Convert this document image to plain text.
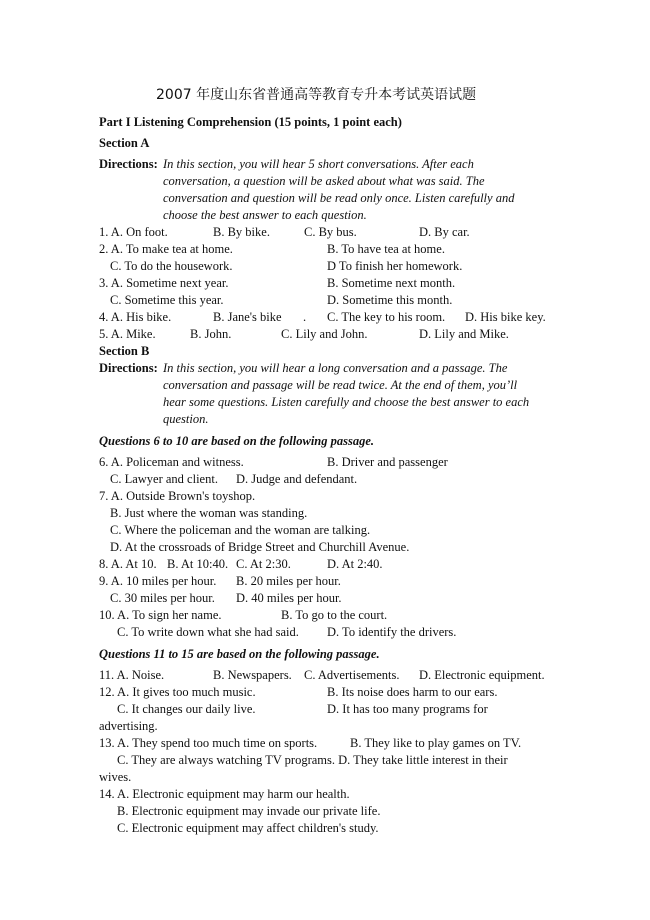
2007 年度山东省普通高等教育专升本考试英语试题
Part I Listening Comprehension (15 points, 1 point each)
Section A
Directions: In this section, you will hear 5 short conversations. After each
conversation, a question will be asked about what was said. The
conversation and question will be read only once. Listen carefully and
choose the best answer to each question.
1. A. On foot.	B. By bike.	C. By bus.	D. By car.
2. A. To make tea at home.	B. To have tea at home.
C. To do the housework.	D To finish her homework.
3. A. Sometime next year.	B. Sometime next month.
C. Sometime this year.	D. Sometime this month.
4. A. His bike.	B. Jane's bike . C. The key to his room. D. His bike key.
5. A. Mike.	B. John.	C. Lily and John.	D. Lily and Mike.
Section B
Directions: In this section, you will hear a long conversation and a passage. The
conversation and passage will be read twice. At the end of them, you’ll
hear some questions. Listen carefully and choose the best answer to each
question.
Questions 6 to 10 are based on the following passage.
6. A. Policeman and witness.	B. Driver and passenger
C. Lawyer and client. D. Judge and defendant.
7. A. Outside Brown's toyshop.
B. Just where the woman was standing.
C. Where the policeman and the woman are talking.
D. At the crossroads of Bridge Street and Churchill Avenue.
8. A. At 10. B. At 10:40. C. At 2:30.	D. At 2:40.
9. A. 10 miles per hour. B. 20 miles per hour.
C. 30 miles per hour. D. 40 miles per hour.
10. A. To sign her name.	B. To go to the court.
C. To write down what she had said. D. To identify the drivers.
Questions 11 to 15 are based on the following passage.
11. A. Noise.	B. Newspapers. C. Advertisements. D. Electronic equipment.
12. A. It gives too much music.	B. Its noise does harm to our ears.
C. It changes our daily live.	D. It has too many programs for
advertising.
13. A. They spend too much time on sports.	B. They like to play games on TV.
C. They are always watching TV programs. D. They take little interest in their
wives.
14. A. Electronic equipment may harm our health.
B. Electronic equipment may invade our private life.
C. Electronic equipment may affect children's study.
